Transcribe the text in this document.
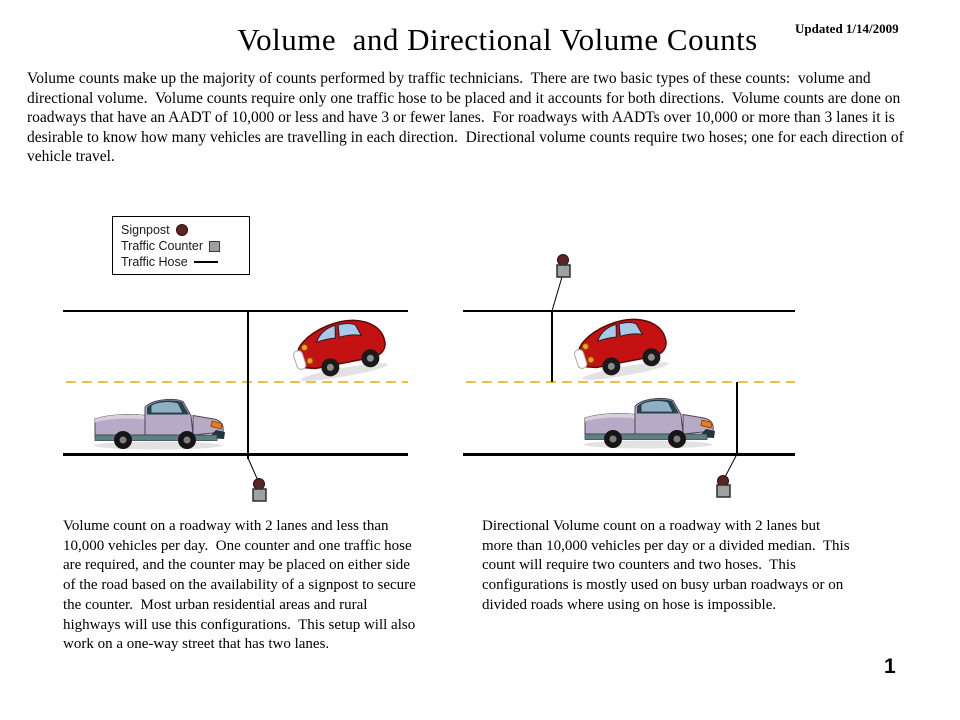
Volume  and Directional Volume Counts	Updated 1/14/2009
Volume counts make up the majority of counts performed by traffic technicians.  There are two basic types of these counts:  volume and directional volume.  Volume counts require only one traffic hose to be placed and it accounts for both directions.  Volume counts are done on roadways that have an AADT of 10,000 or less and have 3 or fewer lanes.  For roadways with AADTs over 10,000 or more than 3 lanes it is desirable to know how many vehicles are travelling in each direction.  Directional volume counts require two hoses; one for each direction of vehicle travel.
Signpost
Traffic Counter
Traffic Hose
Volume count on a roadway with 2 lanes and less than 10,000 vehicles per day.  One counter and one traffic hose are required, and the counter may be placed on either side of the road based on the availability of a signpost to secure the counter.  Most urban residential areas and rural highways will use this configurations.  This setup will also work on a one-way street that has two lanes.
Directional Volume count on a roadway with 2 lanes but more than 10,000 vehicles per day or a divided median.  This count will require two counters and two hoses.  This configurations is mostly used on busy urban roadways or on divided roads where using on hose is impossible.
1
